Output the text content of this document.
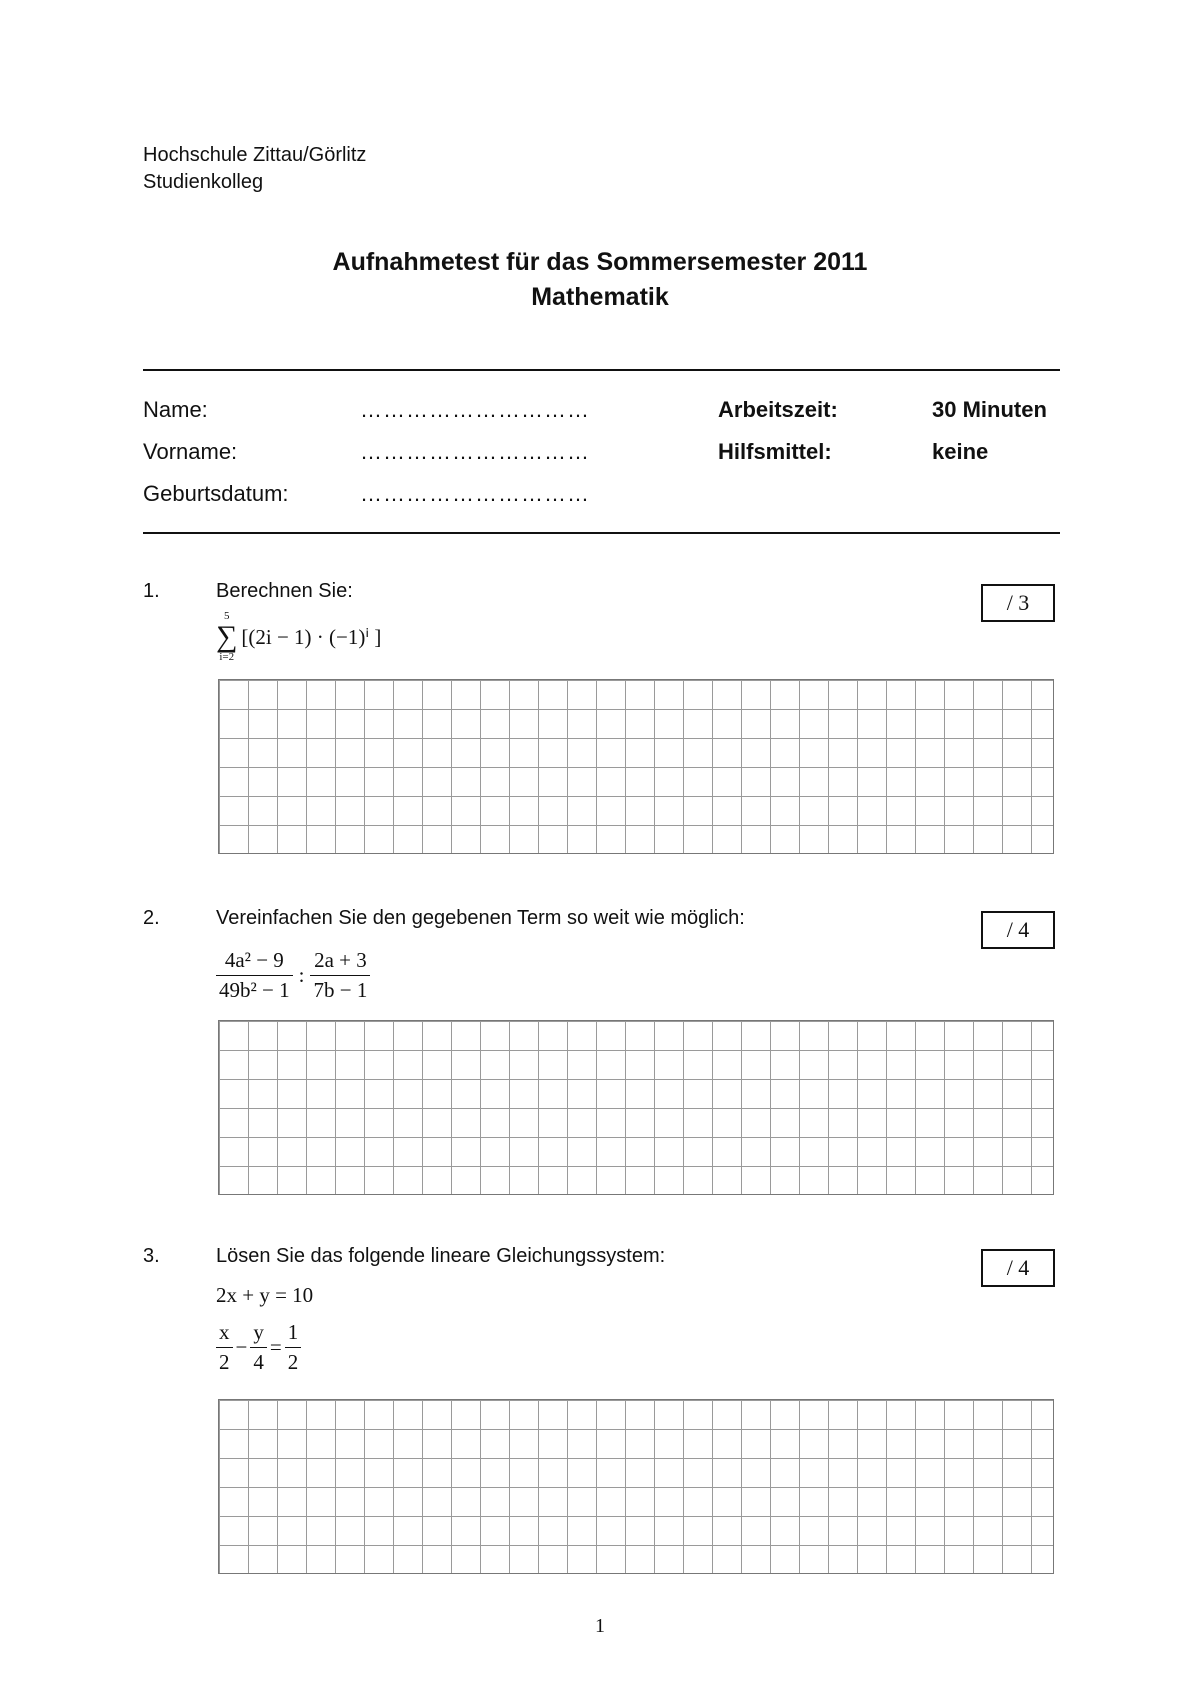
Hochschule Zittau/Görlitz
Studienkolleg
Aufnahmetest für das Sommersemester 2011
Mathematik
Name:	…………………………
Vorname:	…………………………
Geburtsdatum:	…………………………
Arbeitszeit:	30 Minuten
Hilfsmittel:	keine
1.	Berechnen Sie:	/ 3
5
∑
i=2
[(2i − 1) · (−1)ⁱ ]
2.	Vereinfachen Sie den gegebenen Term so weit wie möglich:	/ 4
$\frac{\text{4a² − 9}}{\text{49b² − 1}}$ : $\frac{2a + 3}{7b - 1}$
3.	Lösen Sie das folgende lineare Gleichungssystem:	/ 4
2x + y = 10
$\frac{x}{2} - \frac{y}{4} = \frac{1}{2}$
1
